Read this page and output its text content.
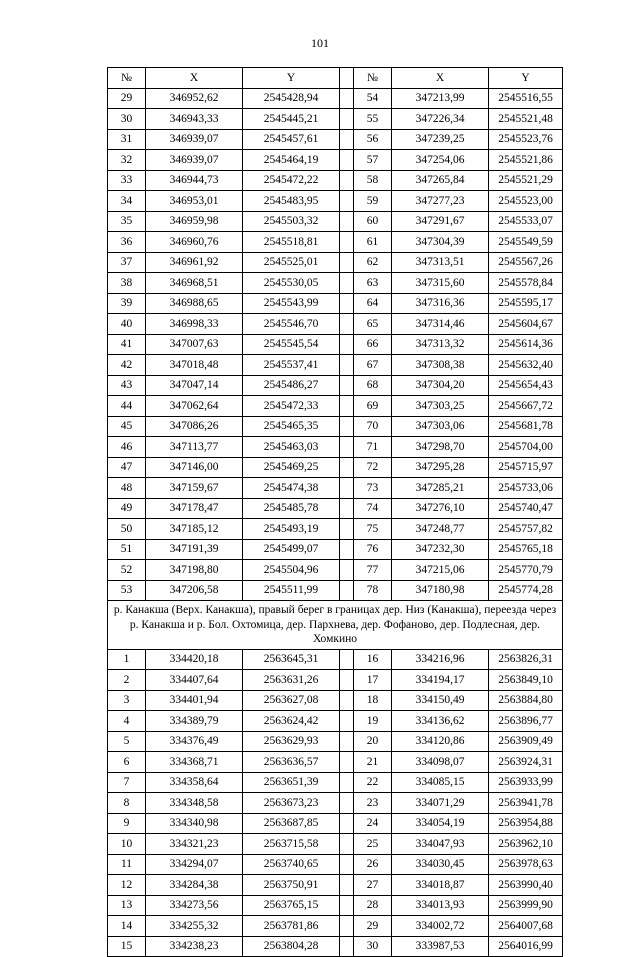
101
№	X	Y		№	X	Y
29	346952,62	2545428,94		54	347213,99	2545516,55
30	346943,33	2545445,21		55	347226,34	2545521,48
31	346939,07	2545457,61		56	347239,25	2545523,76
32	346939,07	2545464,19		57	347254,06	2545521,86
33	346944,73	2545472,22		58	347265,84	2545521,29
34	346953,01	2545483,95		59	347277,23	2545523,00
35	346959,98	2545503,32		60	347291,67	2545533,07
36	346960,76	2545518,81		61	347304,39	2545549,59
37	346961,92	2545525,01		62	347313,51	2545567,26
38	346968,51	2545530,05		63	347315,60	2545578,84
39	346988,65	2545543,99		64	347316,36	2545595,17
40	346998,33	2545546,70		65	347314,46	2545604,67
41	347007,63	2545545,54		66	347313,32	2545614,36
42	347018,48	2545537,41		67	347308,38	2545632,40
43	347047,14	2545486,27		68	347304,20	2545654,43
44	347062,64	2545472,33		69	347303,25	2545667,72
45	347086,26	2545465,35		70	347303,06	2545681,78
46	347113,77	2545463,03		71	347298,70	2545704,00
47	347146,00	2545469,25		72	347295,28	2545715,97
48	347159,67	2545474,38		73	347285,21	2545733,06
49	347178,47	2545485,78		74	347276,10	2545740,47
50	347185,12	2545493,19		75	347248,77	2545757,82
51	347191,39	2545499,07		76	347232,30	2545765,18
52	347198,80	2545504,96		77	347215,06	2545770,79
53	347206,58	2545511,99		78	347180,98	2545774,28
р. Канакша (Верх. Канакша), правый берег в границах дер. Низ (Канакша), переезда через р. Канакша и р. Бол. Охтомица, дер. Пархнева, дер. Фофаново, дер. Подлесная, дер. Хомкино						
1	334420,18	2563645,31		16	334216,96	2563826,31
2	334407,64	2563631,26		17	334194,17	2563849,10
3	334401,94	2563627,08		18	334150,49	2563884,80
4	334389,79	2563624,42		19	334136,62	2563896,77
5	334376,49	2563629,93		20	334120,86	2563909,49
6	334368,71	2563636,57		21	334098,07	2563924,31
7	334358,64	2563651,39		22	334085,15	2563933,99
8	334348,58	2563673,23		23	334071,29	2563941,78
9	334340,98	2563687,85		24	334054,19	2563954,88
10	334321,23	2563715,58		25	334047,93	2563962,10
11	334294,07	2563740,65		26	334030,45	2563978,63
12	334284,38	2563750,91		27	334018,87	2563990,40
13	334273,56	2563765,15		28	334013,93	2563999,90
14	334255,32	2563781,86		29	334002,72	2564007,68
15	334238,23	2563804,28		30	333987,53	2564016,99
